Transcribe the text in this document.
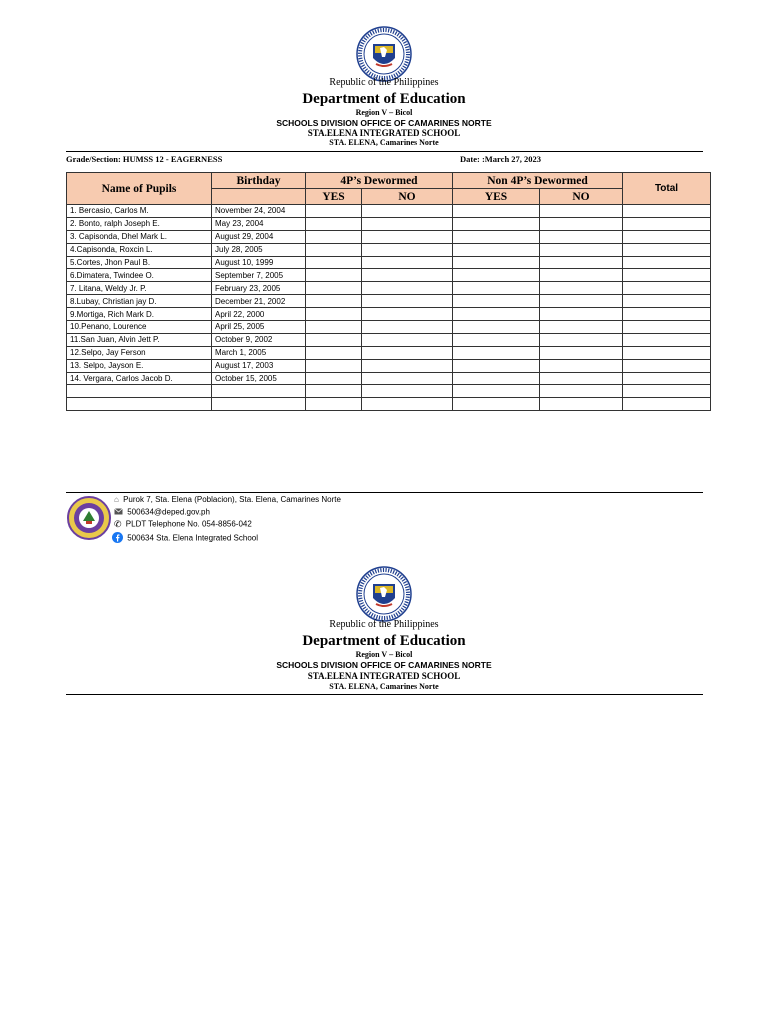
Republic of the Philippines
Department of Education
Region V – Bicol
SCHOOLS DIVISION OFFICE OF CAMARINES NORTE
STA.ELENA INTEGRATED SCHOOL
STA. ELENA, Camarines Norte
Grade/Section: HUMSS 12 - EAGERNESS	Date: :March 27, 2023
Name of Pupils	Birthday	4P’s Dewormed		Non 4P’s Dewormed		Total
		YES	NO	YES	NO	
1. Bercasio, Carlos M.	November 24, 2004					
2. Bonto, ralph Joseph E.	May 23, 2004					
3. Capisonda, Dhel Mark L.	August 29, 2004					
4.Capisonda, Roxcin L.	July 28, 2005					
5.Cortes, Jhon Paul B.	August 10, 1999					
6.Dimatera, Twindee O.	September 7, 2005					
7. Litana, Weldy Jr. P.	February 23, 2005					
8.Lubay, Christian jay D.	December 21, 2002					
9.Mortiga, Rich Mark D.	April 22, 2000					
10.Penano, Lourence	April 25, 2005					
11.San Juan, Alvin Jett P.	October 9, 2002					
12.Selpo, Jay Ferson	March 1, 2005					
13. Selpo, Jayson E.	August 17, 2003					
14. Vergara, Carlos Jacob D.	October 15, 2005					

⌂ Purok 7, Sta. Elena (Poblacion), Sta. Elena, Camarines Norte
500634@deped.gov.ph
✆ PLDT Telephone No. 054-8856-042
500634 Sta. Elena Integrated School
Republic of the Philippines
Department of Education
Region V – Bicol
SCHOOLS DIVISION OFFICE OF CAMARINES NORTE
STA.ELENA INTEGRATED SCHOOL
STA. ELENA, Camarines Norte
